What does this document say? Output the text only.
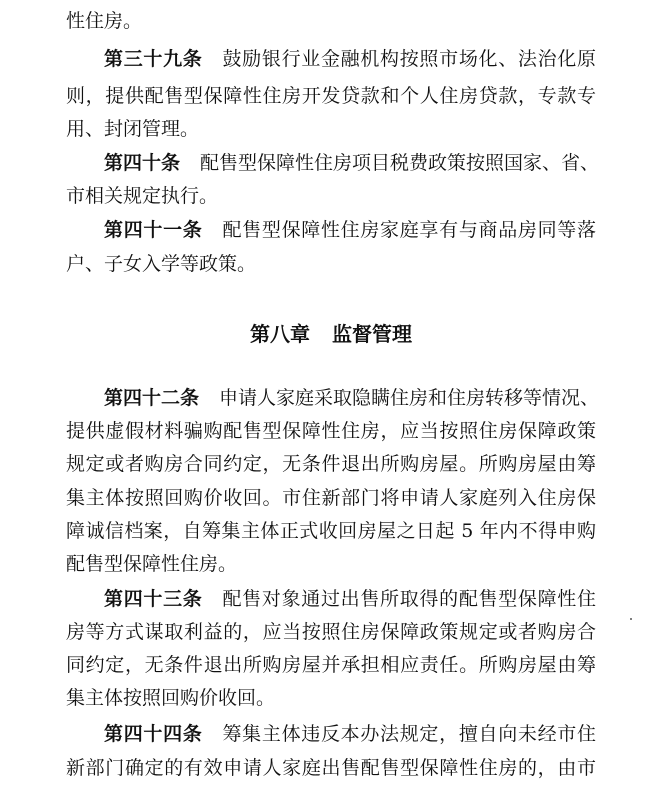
性住房。
第三十九条 鼓励银行业金融机构按照市场化、法治化原
则，提供配售型保障性住房开发贷款和个人住房贷款，专款专
用、封闭管理。
第四十条 配售型保障性住房项目税费政策按照国家、省、
市相关规定执行。
第四十一条 配售型保障性住房家庭享有与商品房同等落
户、子女入学等政策。
第四十二条 申请人家庭采取隐瞒住房和住房转移等情况、
提供虚假材料骗购配售型保障性住房，应当按照住房保障政策
规定或者购房合同约定，无条件退出所购房屋。所购房屋由筹
集主体按照回购价收回。市住新部门将申请人家庭列入住房保
障诚信档案，自筹集主体正式收回房屋之日起 5 年内不得申购
配售型保障性住房。
第四十三条 配售对象通过出售所取得的配售型保障性住
房等方式谋取利益的，应当按照住房保障政策规定或者购房合
同约定，无条件退出所购房屋并承担相应责任。所购房屋由筹
集主体按照回购价收回。
第四十四条 筹集主体违反本办法规定，擅自向未经市住
新部门确定的有效申请人家庭出售配售型保障性住房的，由市
第八章 监督管理
